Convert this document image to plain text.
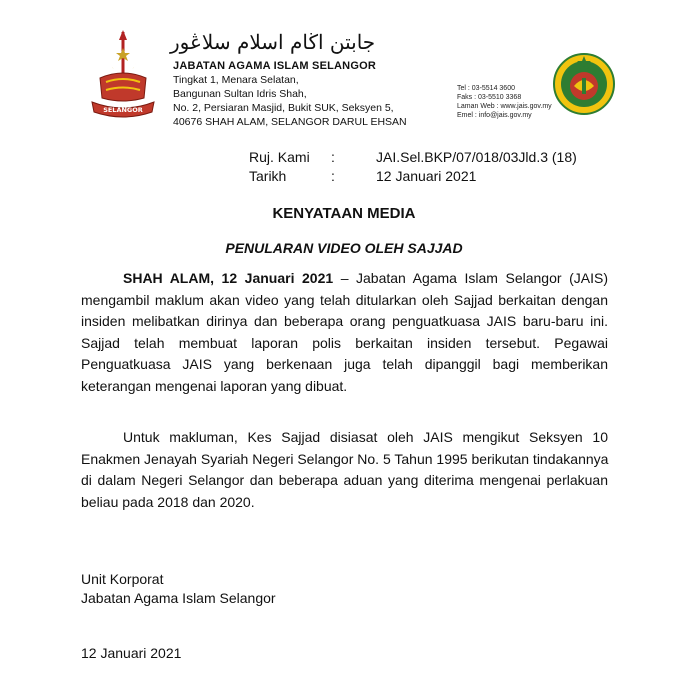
SELANGOR
جابتن اڬام اسلام سلاڠور
JABATAN AGAMA ISLAM SELANGOR
Tingkat 1, Menara Selatan,
Bangunan Sultan Idris Shah,
No. 2, Persiaran Masjid, Bukit SUK, Seksyen 5,
40676 SHAH ALAM, SELANGOR DARUL EHSAN
Tel : 03-5514 3600
Faks : 03-5510 3368
Laman Web : www.jais.gov.my
Emel : info@jais.gov.my
Ruj. Kami :	JAI.Sel.BKP/07/018/03Jld.3 (18)
Tarikh	:	12 Januari 2021
KENYATAAN MEDIA
PENULARAN VIDEO OLEH SAJJAD
SHAH ALAM, 12 Januari 2021 – Jabatan Agama Islam Selangor (JAIS)
mengambil maklum akan video yang telah ditularkan oleh Sajjad berkaitan dengan
insiden melibatkan dirinya dan beberapa orang penguatkuasa JAIS baru-baru ini.
Sajjad telah membuat laporan polis berkaitan insiden tersebut. Pegawai
Penguatkuasa JAIS yang berkenaan juga telah dipanggil bagi memberikan
keterangan mengenai laporan yang dibuat.
Untuk makluman, Kes Sajjad disiasat oleh JAIS mengikut Seksyen 10
Enakmen Jenayah Syariah Negeri Selangor No. 5 Tahun 1995 berikutan tindakannya
di dalam Negeri Selangor dan beberapa aduan yang diterima mengenai perlakuan
beliau pada 2018 dan 2020.
Unit Korporat
Jabatan Agama Islam Selangor
12 Januari 2021
